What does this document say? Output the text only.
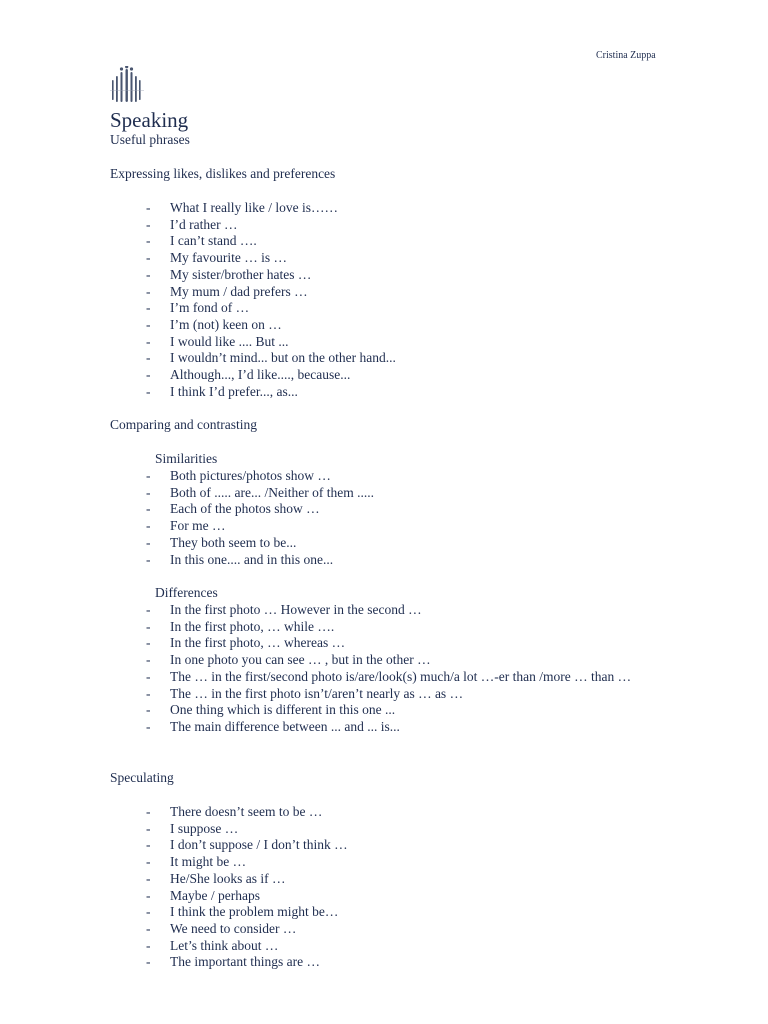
Cristina Zuppa
Speaking
Useful phrases
Expressing likes, dislikes and preferences
- What I really like / love is……
- I’d rather …
- I can’t stand ….
- My favourite … is …
- My sister/brother hates …
- My mum / dad prefers …
- I’m fond of …
- I’m (not) keen on …
- I would like .... But ...
- I wouldn’t mind... but on the other hand...
- Although..., I’d like...., because...
- I think I’d prefer..., as...
Comparing and contrasting
Similarities
- Both pictures/photos show …
- Both of ..... are... /Neither of them .....
- Each of the photos show …
- For me …
- They both seem to be...
- In this one.... and in this one...
Differences
- In the first photo … However in the second …
- In the first photo, … while ….
- In the first photo, … whereas …
- In one photo you can see … , but in the other …
- The … in the first/second photo is/are/look(s) much/a lot …-er than /more … than …
- The … in the first photo isn’t/aren’t nearly as … as …
- One thing which is different in this one ...
- The main difference between ... and ... is...
Speculating
- There doesn’t seem to be …
- I suppose …
- I don’t suppose / I don’t think …
- It might be …
- He/She looks as if …
- Maybe / perhaps
- I think the problem might be…
- We need to consider …
- Let’s think about …
- The important things are …
